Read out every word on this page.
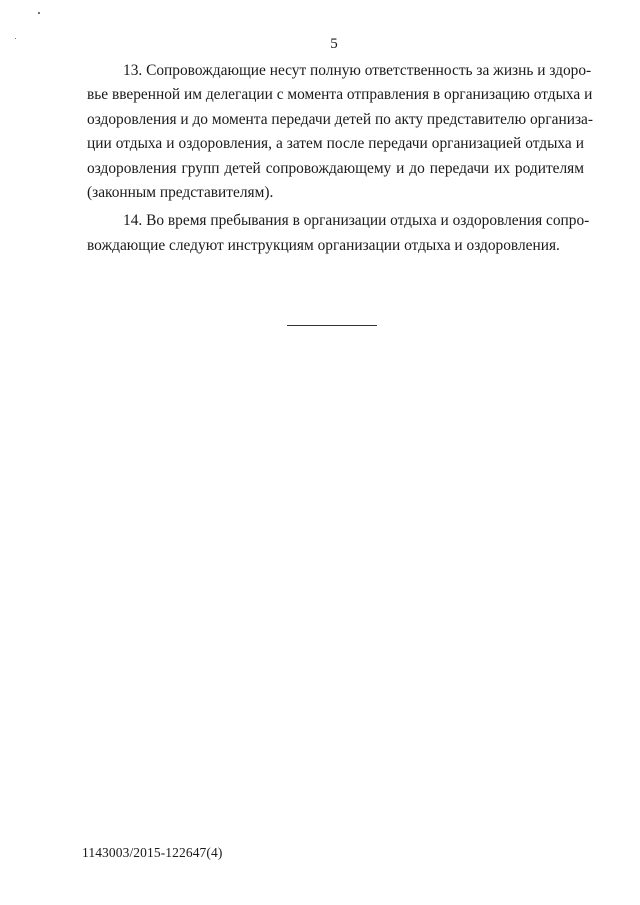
5

13. Сопровождающие несут полную ответственность за жизнь и здоро-
вье вверенной им делегации с момента отправления в организацию отдыха и
оздоровления и до момента передачи детей по акту представителю организа-
ции отдыха и оздоровления, а затем после передачи организацией отдыха и
оздоровления групп детей сопровождающему и до передачи их родителям
(законным представителям).

14. Во время пребывания в организации отдыха и оздоровления сопро-
вождающие следуют инструкциям организации отдыха и оздоровления.

1143003/2015-122647(4)
